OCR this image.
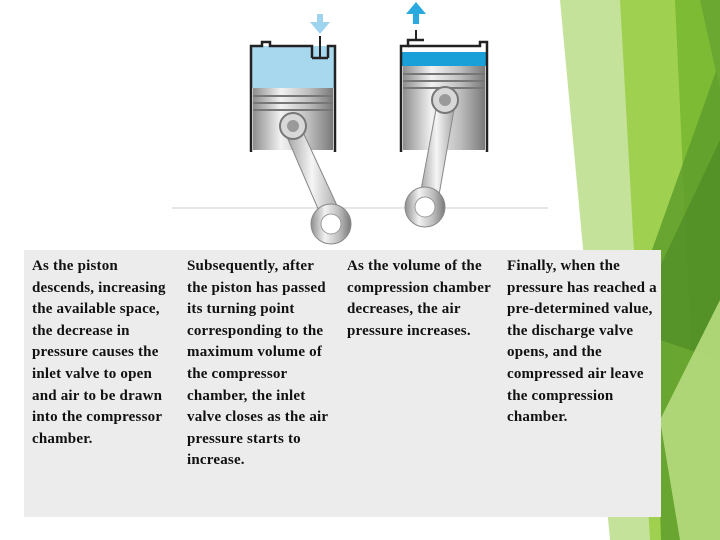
As the piston descends, increasing the available space, the decrease in pressure causes the inlet valve to open and air to be drawn into the compressor chamber.
Subsequently, after the piston has passed its turning point corresponding to the maximum volume of the compressor chamber, the inlet valve closes as the air pressure starts to increase.
As the volume of the compression chamber decreases, the air pressure increases.
Finally, when the pressure has reached a pre-determined value, the discharge valve opens, and the compressed air leave the compression chamber.
